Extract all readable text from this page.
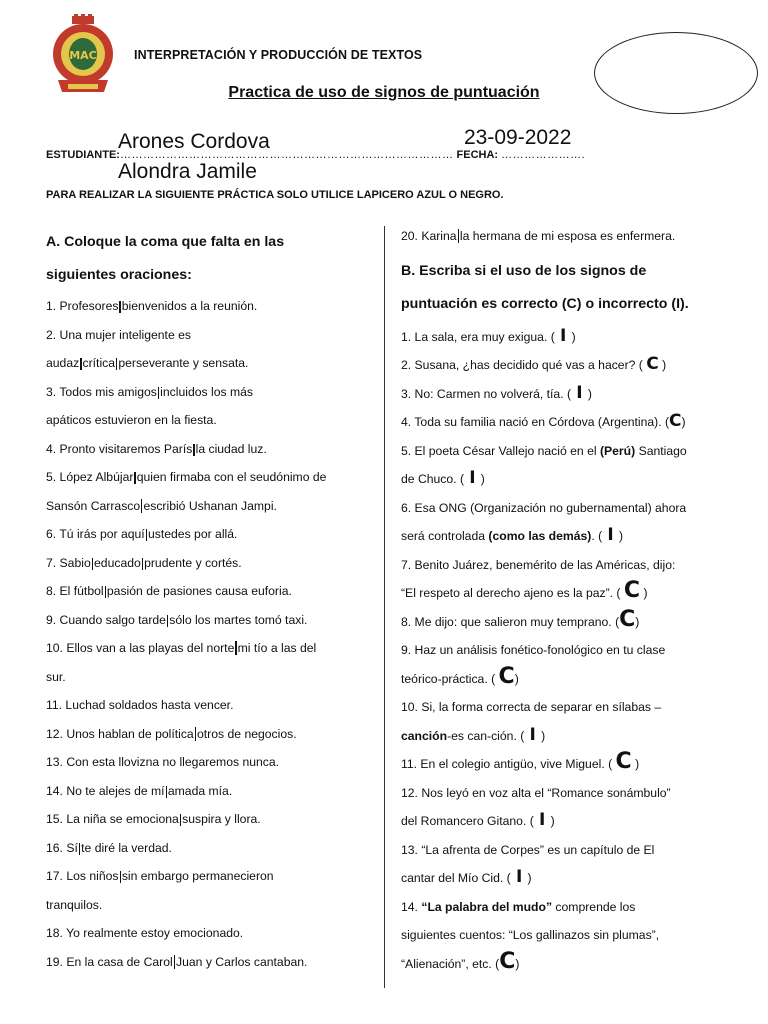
MAC	INTERPRETACIÓN Y PRODUCCIÓN DE TEXTOS
Practica de uso de signos de puntuación
ESTUDIANTE:…………………………………………………………………………… FECHA: ………………….
Arones Cordova
Alondra Jamile
23-09-2022
PARA REALIZAR LA SIGUIENTE PRÁCTICA SOLO UTILICE LAPICERO AZUL O NEGRO.
A. Coloque la coma que falta en las
siguientes oraciones:
1. Profesores bienvenidos a la reunión.
2. Una mujer inteligente es
audaz crítica perseverante y sensata.
3. Todos mis amigos incluidos los más
apáticos estuvieron en la fiesta.
4. Pronto visitaremos París la ciudad luz.
5. López Albújar quien firmaba con el seudónimo de
Sansón Carrasco escribió Ushanan Jampi.
6. Tú irás por aquí ustedes por allá.
7. Sabio educado prudente y cortés.
8. El fútbol pasión de pasiones causa euforia.
9. Cuando salgo tarde sólo los martes tomó taxi.
10. Ellos van a las playas del norte mi tío a las del
sur.
11. Luchad soldados hasta vencer.
12. Unos hablan de política otros de negocios.
13. Con esta llovizna no llegaremos nunca.
14. No te alejes de mí amada mía.
15. La niña se emociona suspira y llora.
16. Sí te diré la verdad.
17. Los niños sin embargo permanecieron
tranquilos.
18. Yo realmente estoy emocionado.
19. En la casa de Carol Juan y Carlos cantaban.
20. Karina la hermana de mi esposa es enfermera.
B. Escriba si el uso de los signos de
puntuación es correcto (C) o incorrecto (I).
1. La sala, era muy exigua. ( I )
2. Susana, ¿has decidido qué vas a hacer? ( C )
3. No: Carmen no volverá, tía. ( I )
4. Toda su familia nació en Córdova (Argentina). (C)
5. El poeta César Vallejo nació en el (Perú) Santiago
de Chuco. ( I )
6. Esa ONG (Organización no gubernamental) ahora
será controlada (como las demás). ( I )
7. Benito Juárez, benemérito de las Américas, dijo:
“El respeto al derecho ajeno es la paz”. ( C )
8. Me dijo: que salieron muy temprano. (C)
9. Haz un análisis fonético-fonológico en tu clase
teórico-práctica. ( C)
10. Si, la forma correcta de separar en sílabas –
canción-es can-ción. ( I )
11. En el colegio antigüo, vive Miguel. ( C )
12. Nos leyó en voz alta el “Romance sonámbulo”
del Romancero Gitano. ( I )
13. “La afrenta de Corpes” es un capítulo de El
cantar del Mío Cid. ( I )
14. “La palabra del mudo” comprende los
siguientes cuentos: “Los gallinazos sin plumas”,
“Alienación”, etc. (C)
